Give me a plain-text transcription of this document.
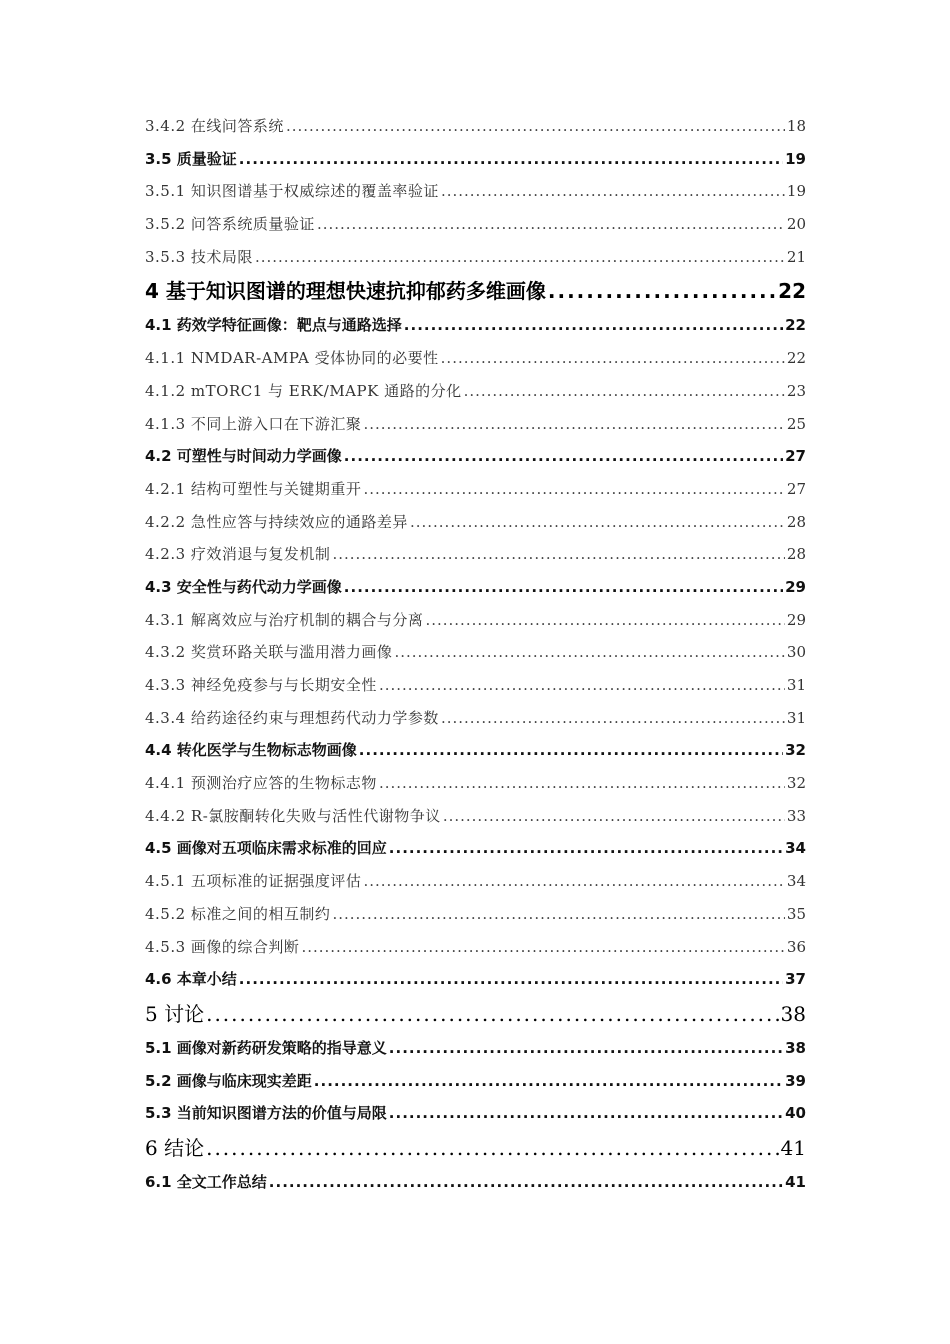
3.4.2 在线问答系统 .....	18
3.5 质量验证 .....	19
3.5.1 知识图谱基于权威综述的覆盖率验证 .....	19
3.5.2 问答系统质量验证 .....	20
3.5.3 技术局限 .....	21
4 基于知识图谱的理想快速抗抑郁药多维画像 .....	22
4.1 药效学特征画像：靶点与通路选择 .....	22
4.1.1 NMDAR-AMPA 受体协同的必要性 .....	22
4.1.2 mTORC1 与 ERK/MAPK 通路的分化 .....	23
4.1.3 不同上游入口在下游汇聚 .....	25
4.2 可塑性与时间动力学画像 .....	27
4.2.1 结构可塑性与关键期重开 .....	27
4.2.2 急性应答与持续效应的通路差异 .....	28
4.2.3 疗效消退与复发机制 .....	28
4.3 安全性与药代动力学画像 .....	29
4.3.1 解离效应与治疗机制的耦合与分离 .....	29
4.3.2 奖赏环路关联与滥用潜力画像 .....	30
4.3.3 神经免疫参与与长期安全性 .....	31
4.3.4 给药途径约束与理想药代动力学参数 .....	31
4.4 转化医学与生物标志物画像 .....	32
4.4.1 预测治疗应答的生物标志物 .....	32
4.4.2 R-氯胺酮转化失败与活性代谢物争议 .....	33
4.5 画像对五项临床需求标准的回应 .....	34
4.5.1 五项标准的证据强度评估 .....	34
4.5.2 标准之间的相互制约 .....	35
4.5.3 画像的综合判断 .....	36
4.6 本章小结 .....	37
5 讨论 .....	38
5.1 画像对新药研发策略的指导意义 .....	38
5.2 画像与临床现实差距 .....	39
5.3 当前知识图谱方法的价值与局限 .....	40
6 结论 .....	41
6.1 全文工作总结 .....	41
